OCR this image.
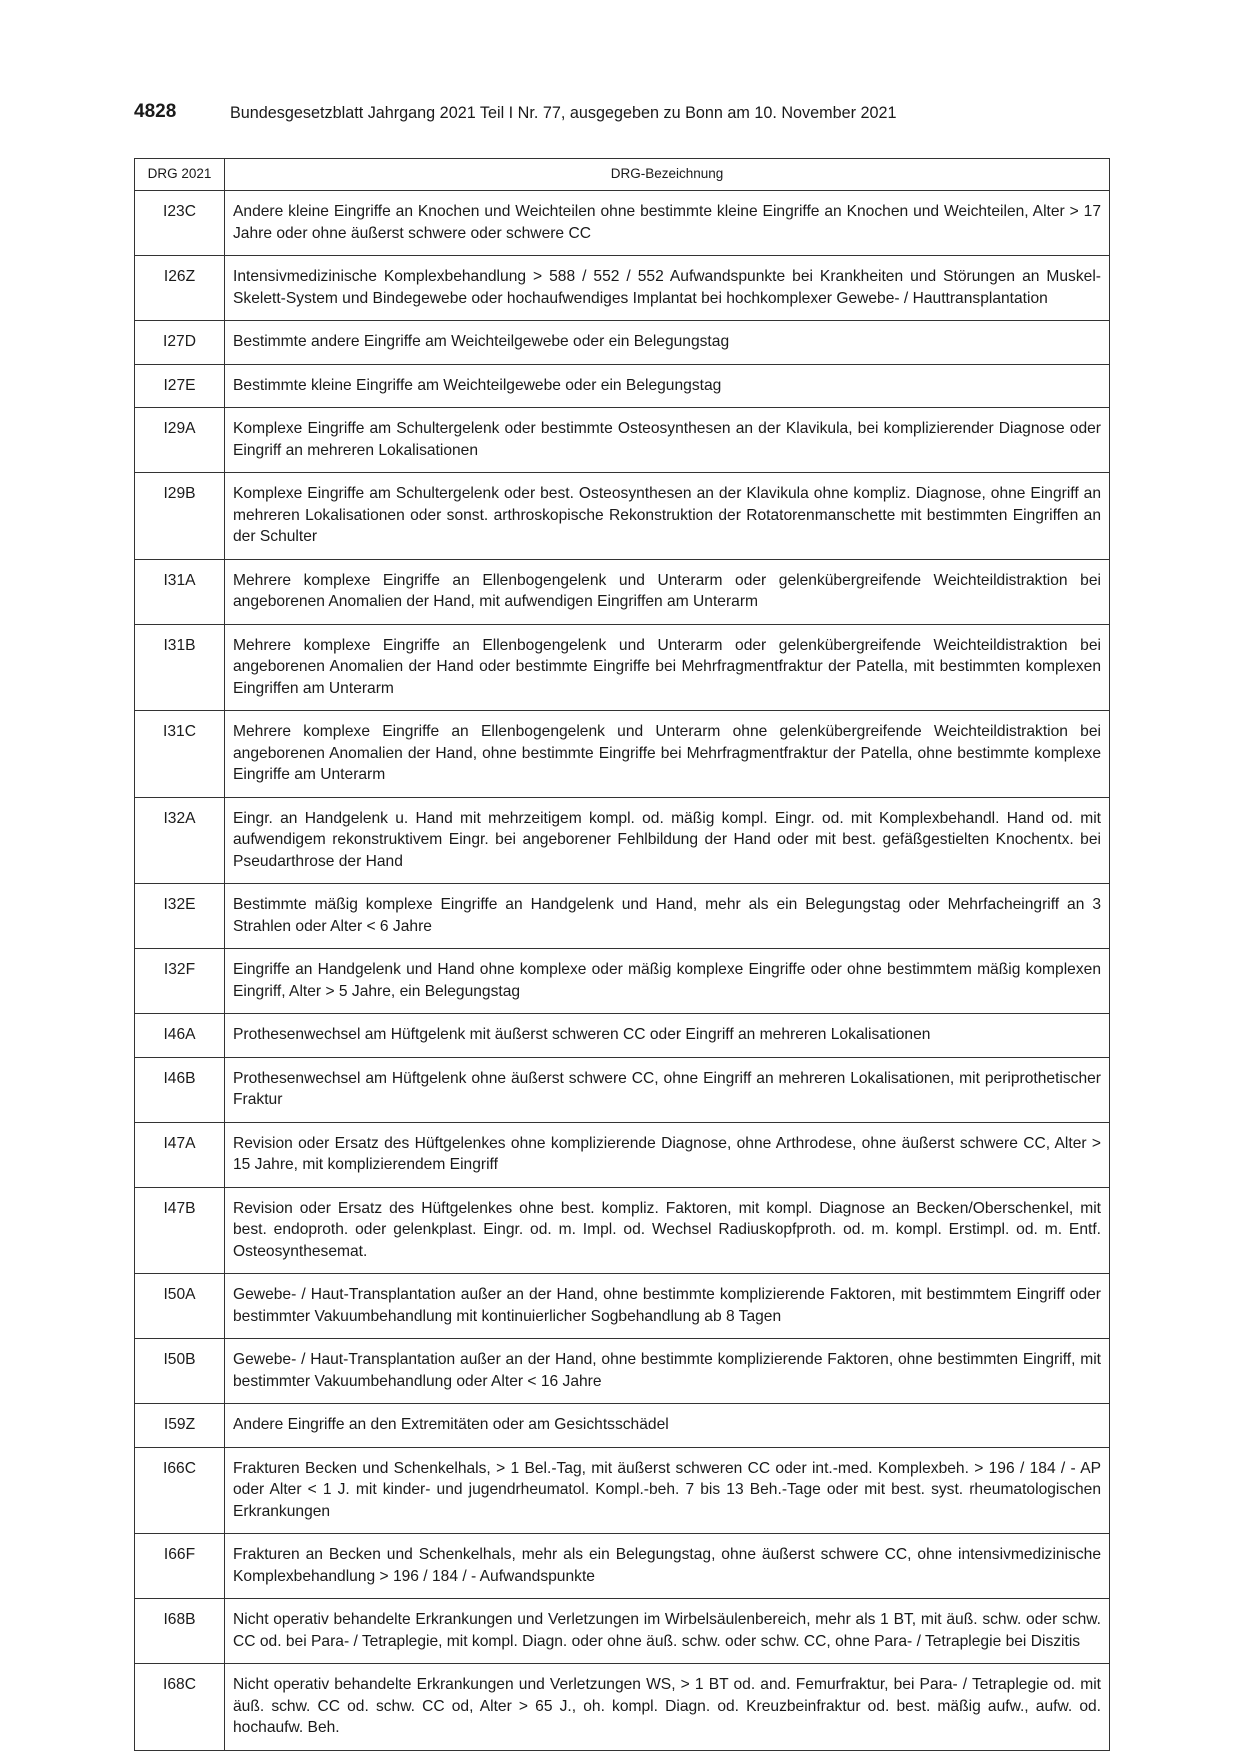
4828	Bundesgesetzblatt Jahrgang 2021 Teil I Nr. 77, ausgegeben zu Bonn am 10. November 2021
DRG 2021	DRG-Bezeichnung
I23C	Andere kleine Eingriffe an Knochen und Weichteilen ohne bestimmte kleine Eingriffe an Knochen und Weichteilen, Alter > 17 Jahre oder ohne äußerst schwere oder schwere CC
I26Z	Intensivmedizinische Komplexbehandlung > 588 / 552 / 552 Aufwandspunkte bei Krankheiten und Störungen an Muskel-Skelett-System und Bindegewebe oder hochaufwendiges Implantat bei hochkomplexer Gewebe- / Hauttransplantation
I27D	Bestimmte andere Eingriffe am Weichteilgewebe oder ein Belegungstag
I27E	Bestimmte kleine Eingriffe am Weichteilgewebe oder ein Belegungstag
I29A	Komplexe Eingriffe am Schultergelenk oder bestimmte Osteosynthesen an der Klavikula, bei komplizierender Diagnose oder Eingriff an mehreren Lokalisationen
I29B	Komplexe Eingriffe am Schultergelenk oder best. Osteosynthesen an der Klavikula ohne kompliz. Diagnose, ohne Eingriff an mehreren Lokalisationen oder sonst. arthroskopische Rekonstruktion der Rotatorenmanschette mit bestimmten Eingriffen an der Schulter
I31A	Mehrere komplexe Eingriffe an Ellenbogengelenk und Unterarm oder gelenkübergreifende Weichteildistraktion bei angeborenen Anomalien der Hand, mit aufwendigen Eingriffen am Unterarm
I31B	Mehrere komplexe Eingriffe an Ellenbogengelenk und Unterarm oder gelenkübergreifende Weichteildistraktion bei angeborenen Anomalien der Hand oder bestimmte Eingriffe bei Mehrfragmentfraktur der Patella, mit bestimmten komplexen Eingriffen am Unterarm
I31C	Mehrere komplexe Eingriffe an Ellenbogengelenk und Unterarm ohne gelenkübergreifende Weichteildistraktion bei angeborenen Anomalien der Hand, ohne bestimmte Eingriffe bei Mehrfragmentfraktur der Patella, ohne bestimmte komplexe Eingriffe am Unterarm
I32A	Eingr. an Handgelenk u. Hand mit mehrzeitigem kompl. od. mäßig kompl. Eingr. od. mit Komplexbehandl. Hand od. mit aufwendigem rekonstruktivem Eingr. bei angeborener Fehlbildung der Hand oder mit best. gefäßgestielten Knochentx. bei Pseudarthrose der Hand
I32E	Bestimmte mäßig komplexe Eingriffe an Handgelenk und Hand, mehr als ein Belegungstag oder Mehrfacheingriff an 3 Strahlen oder Alter < 6 Jahre
I32F	Eingriffe an Handgelenk und Hand ohne komplexe oder mäßig komplexe Eingriffe oder ohne bestimmtem mäßig komplexen Eingriff, Alter > 5 Jahre, ein Belegungstag
I46A	Prothesenwechsel am Hüftgelenk mit äußerst schweren CC oder Eingriff an mehreren Lokalisationen
I46B	Prothesenwechsel am Hüftgelenk ohne äußerst schwere CC, ohne Eingriff an mehreren Lokalisationen, mit periprothetischer Fraktur
I47A	Revision oder Ersatz des Hüftgelenkes ohne komplizierende Diagnose, ohne Arthrodese, ohne äußerst schwere CC, Alter > 15 Jahre, mit komplizierendem Eingriff
I47B	Revision oder Ersatz des Hüftgelenkes ohne best. kompliz. Faktoren, mit kompl. Diagnose an Becken/​Oberschenkel, mit best. endoproth. oder gelenkplast. Eingr. od. m. Impl. od. Wechsel Radiuskopfproth. od. m. kompl. Erstimpl. od. m. Entf. Osteosynthesemat.
I50A	Gewebe- / Haut-Transplantation außer an der Hand, ohne bestimmte komplizierende Faktoren, mit bestimmtem Eingriff oder bestimmter Vakuumbehandlung mit kontinuierlicher Sogbehandlung ab 8 Tagen
I50B	Gewebe- / Haut-Transplantation außer an der Hand, ohne bestimmte komplizierende Faktoren, ohne bestimmten Eingriff, mit bestimmter Vakuumbehandlung oder Alter < 16 Jahre
I59Z	Andere Eingriffe an den Extremitäten oder am Gesichtsschädel
I66C	Frakturen Becken und Schenkelhals, > 1 Bel.-Tag, mit äußerst schweren CC oder int.-med. Komplexbeh. > 196 / 184 / - AP oder Alter < 1 J. mit kinder- und jugendrheumatol. Kompl.-beh. 7 bis 13 Beh.-​Tage oder mit best. syst. rheumatologischen Erkrankungen
I66F	Frakturen an Becken und Schenkelhals, mehr als ein Belegungstag, ohne äußerst schwere CC, ohne intensivmedizinische Komplexbehandlung > 196 / 184 / - Aufwandspunkte
I68B	Nicht operativ behandelte Erkrankungen und Verletzungen im Wirbelsäulenbereich, mehr als 1 BT, mit äuß. schw. oder schw. CC od. bei Para- / Tetraplegie, mit kompl. Diagn. oder ohne äuß. schw. oder schw. CC, ohne Para- / Tetraplegie bei Diszitis
I68C	Nicht operativ behandelte Erkrankungen und Verletzungen WS, > 1 BT od. and. Femurfraktur, bei Para- / Tetraplegie od. mit äuß. schw. CC od. schw. CC od, Alter > 65 J., oh. kompl. Diagn. od. Kreuzbeinfraktur od. best. mäßig aufw., aufw. od. hochaufw. Beh.
